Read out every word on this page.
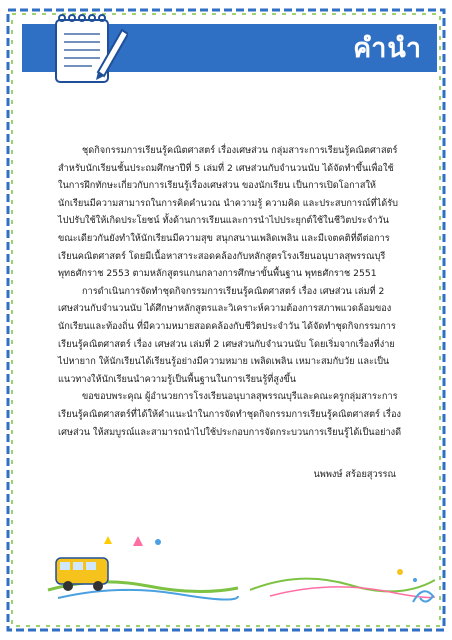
คำนำ

ชุดกิจกรรมการเรียนรู้คณิตศาสตร์ เรื่องเศษส่วน กลุ่มสาระการเรียนรู้คณิตศาสตร์ สำหรับนักเรียนชั้นประถมศึกษาปีที่ 5 เล่มที่ 2 เศษส่วนกับจำนวนนับ ได้จัดทำขึ้นเพื่อใช้ในการฝึกทักษะเกี่ยวกับการเรียนรู้เรื่องเศษส่วน ของนักเรียน เป็นการเปิดโอกาสให้นักเรียนมีความสามารถในการคิดคำนวณ นำความรู้ ความคิด และประสบการณ์ที่ได้รับไปปรับใช้ให้เกิดประโยชน์ ทั้งด้านการเรียนและการนำไปประยุกต์ใช้ในชีวิตประจำวัน ขณะเดียวกันยังทำให้นักเรียนมีความสุข สนุกสนานเพลิดเพลิน และมีเจตคติที่ดีต่อการเรียนคณิตศาสตร์ โดยมีเนื้อหาสาระสอดคล้องกับหลักสูตรโรงเรียนอนุบาลสุพรรณบุรี พุทธศักราช 2553 ตามหลักสูตรแกนกลางการศึกษาขั้นพื้นฐาน พุทธศักราช 2551

การดำเนินการจัดทำชุดกิจกรรมการเรียนรู้คณิตศาสตร์ เรื่อง เศษส่วน เล่มที่ 2 เศษส่วนกับจำนวนนับ ได้ศึกษาหลักสูตรและวิเคราะห์ความต้องการสภาพแวดล้อมของนักเรียนและท้องถิ่น ที่มีความหมายสอดคล้องกับชีวิตประจำวัน ได้จัดทำชุดกิจกรรมการเรียนรู้คณิตศาสตร์ เรื่อง เศษส่วน เล่มที่ 2 เศษส่วนกับจำนวนนับ โดยเริ่มจากเรื่องที่ง่ายไปหายาก ให้นักเรียนได้เรียนรู้อย่างมีความหมาย เพลิดเพลิน เหมาะสมกับวัย และเป็นแนวทางให้นักเรียนนำความรู้เป็นพื้นฐานในการเรียนรู้ที่สูงขึ้น

ขอขอบพระคุณ ผู้อำนวยการโรงเรียนอนุบาลสุพรรณบุรีและคณะครูกลุ่มสาระการเรียนรู้คณิตศาสตร์ที่ได้ให้คำแนะนำในการจัดทำชุดกิจกรรมการเรียนรู้คณิตศาสตร์ เรื่อง เศษส่วน ให้สมบูรณ์และสามารถนำไปใช้ประกอบการจัดกระบวนการเรียนรู้ได้เป็นอย่างดี

นพพงษ์ สร้อยสุวรรณ
